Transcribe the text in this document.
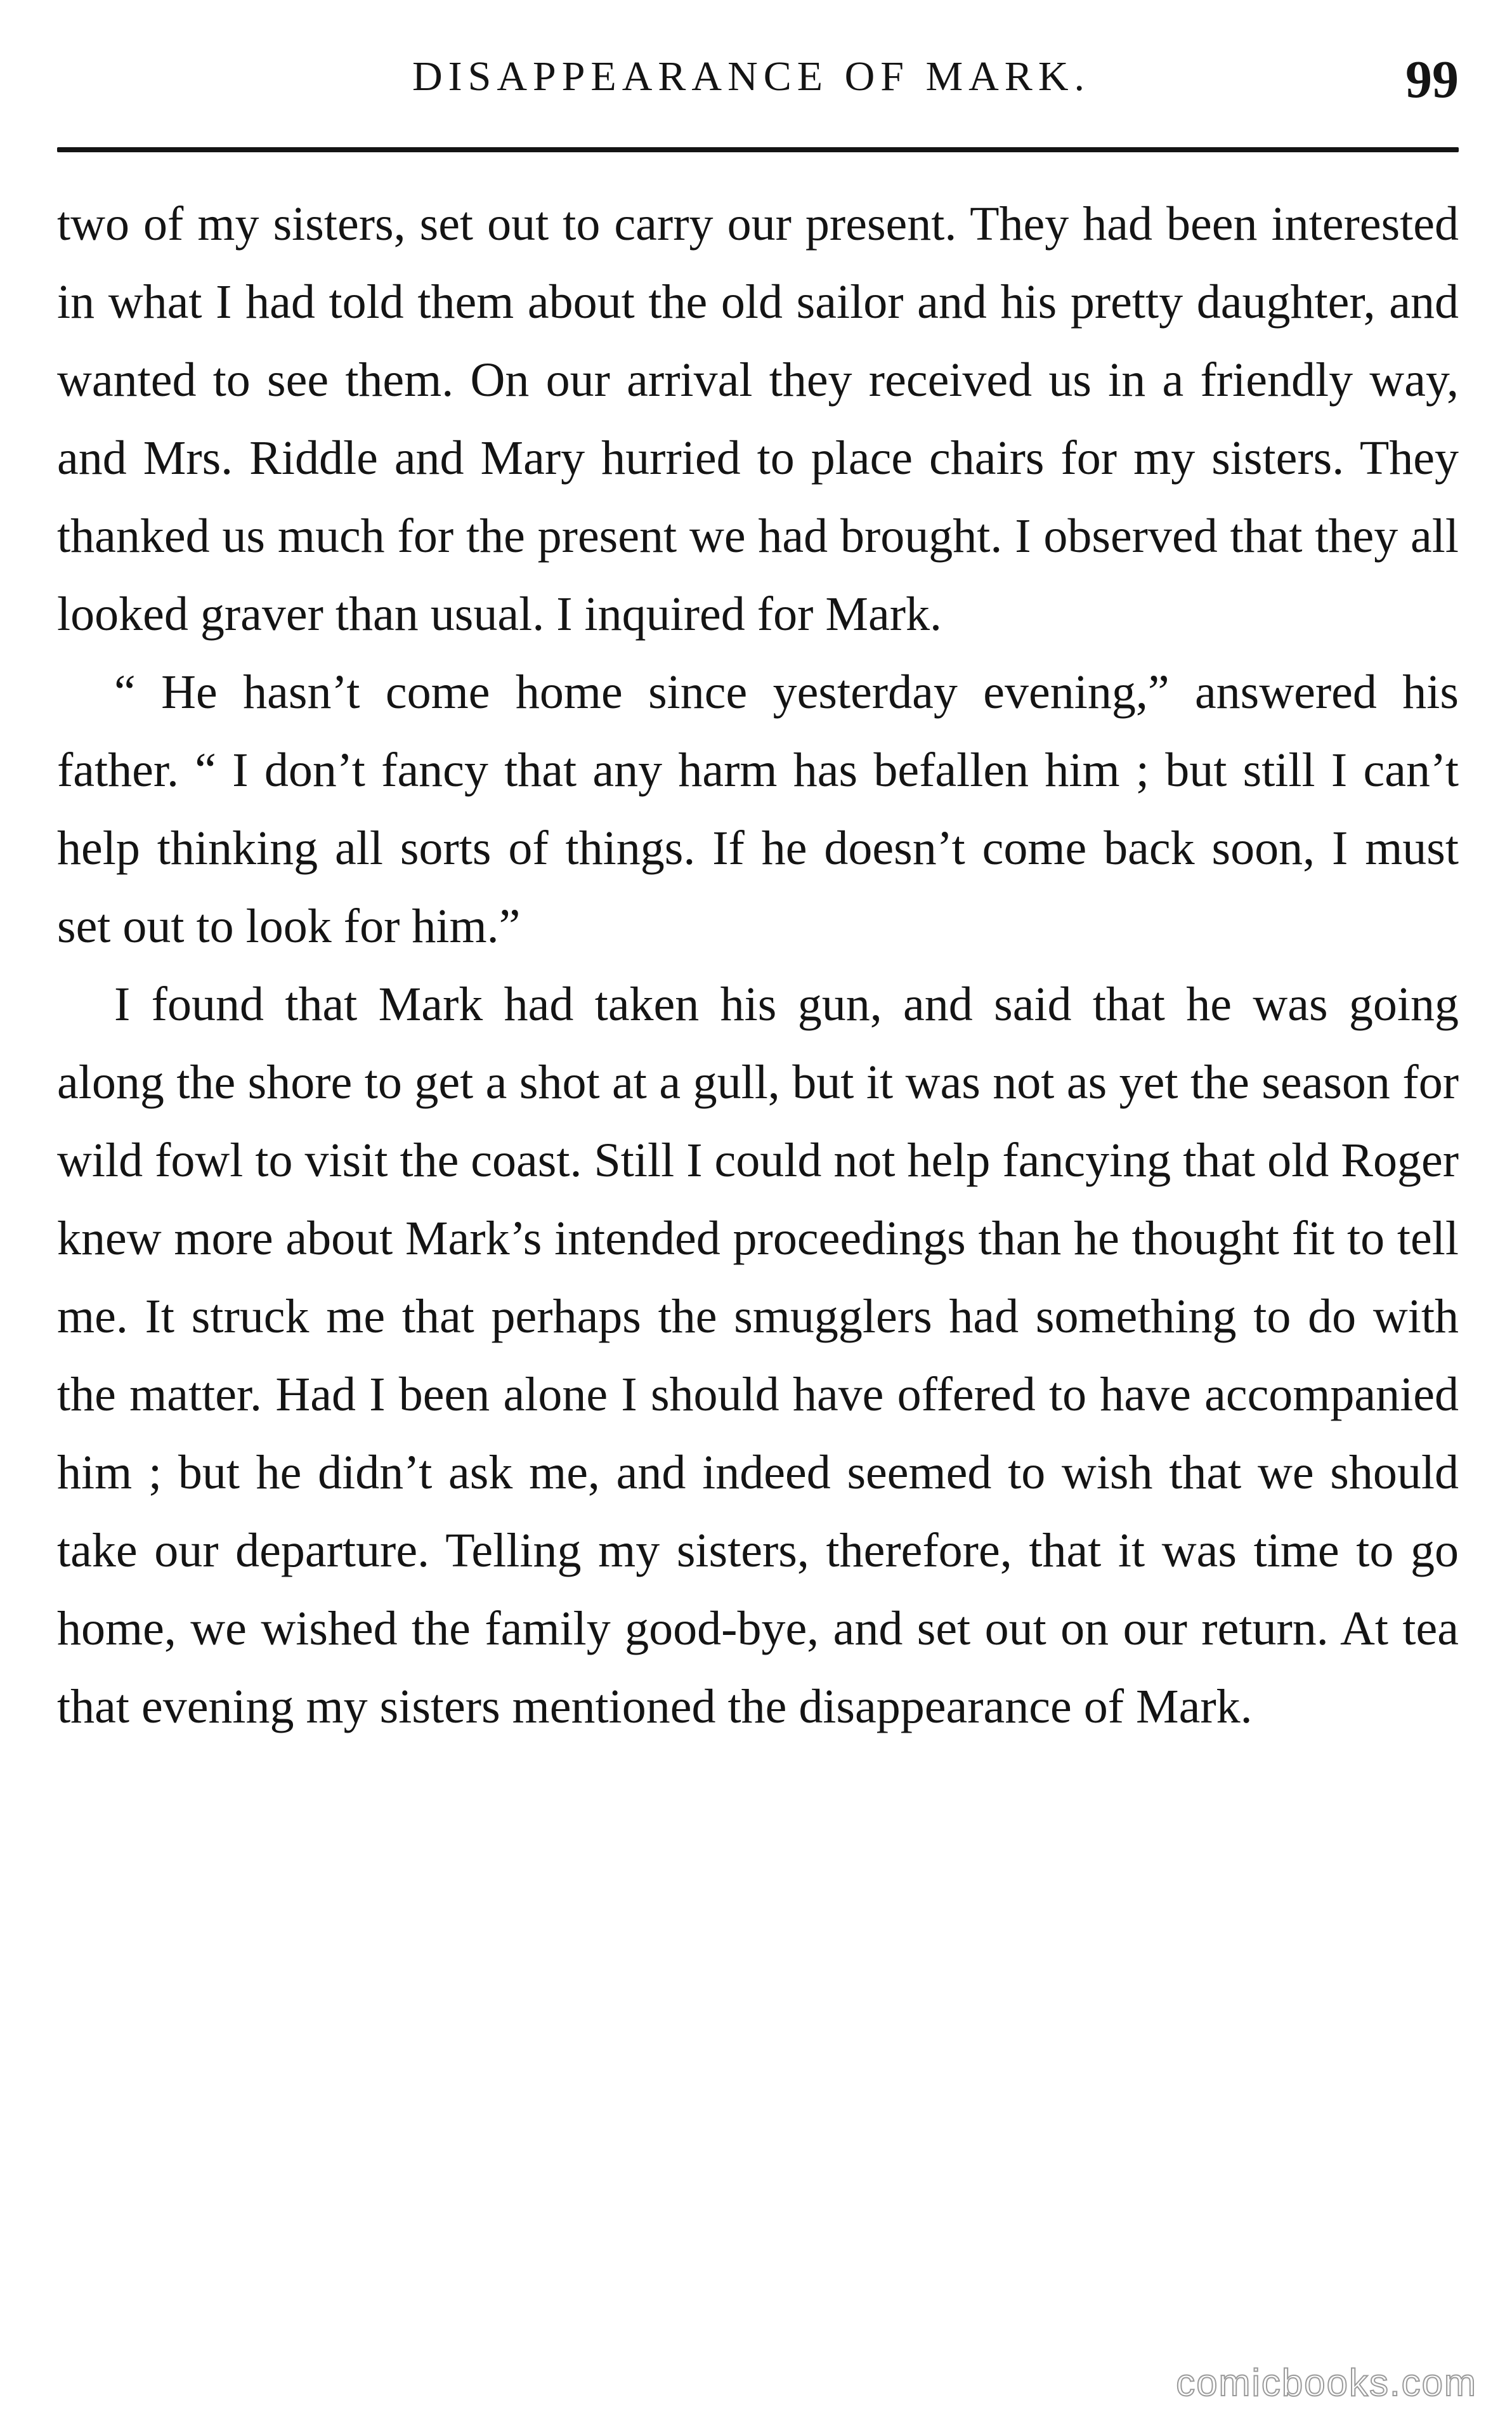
DISAPPEARANCE OF MARK.	99

two of my sisters, set out to carry our present. They had been interested in what I had told them about the old sailor and his pretty daughter, and wanted to see them. On our arrival they received us in a friendly way, and Mrs. Riddle and Mary hurried to place chairs for my sisters. They thanked us much for the present we had brought. I observed that they all looked graver than usual. I inquired for Mark.

“ He hasn’t come home since yesterday evening,” answered his father. “ I don’t fancy that any harm has befallen him ; but still I can’t help thinking all sorts of things. If he doesn’t come back soon, I must set out to look for him.”

I found that Mark had taken his gun, and said that he was going along the shore to get a shot at a gull, but it was not as yet the season for wild fowl to visit the coast. Still I could not help fancying that old Roger knew more about Mark’s intended proceedings than he thought fit to tell me. It struck me that perhaps the smugglers had something to do with the matter. Had I been alone I should have offered to have accompanied him ; but he didn’t ask me, and indeed seemed to wish that we should take our departure. Telling my sisters, therefore, that it was time to go home, we wished the family good-bye, and set out on our return. At tea that evening my sisters mentioned the disappearance of Mark.

comicbooks.com
